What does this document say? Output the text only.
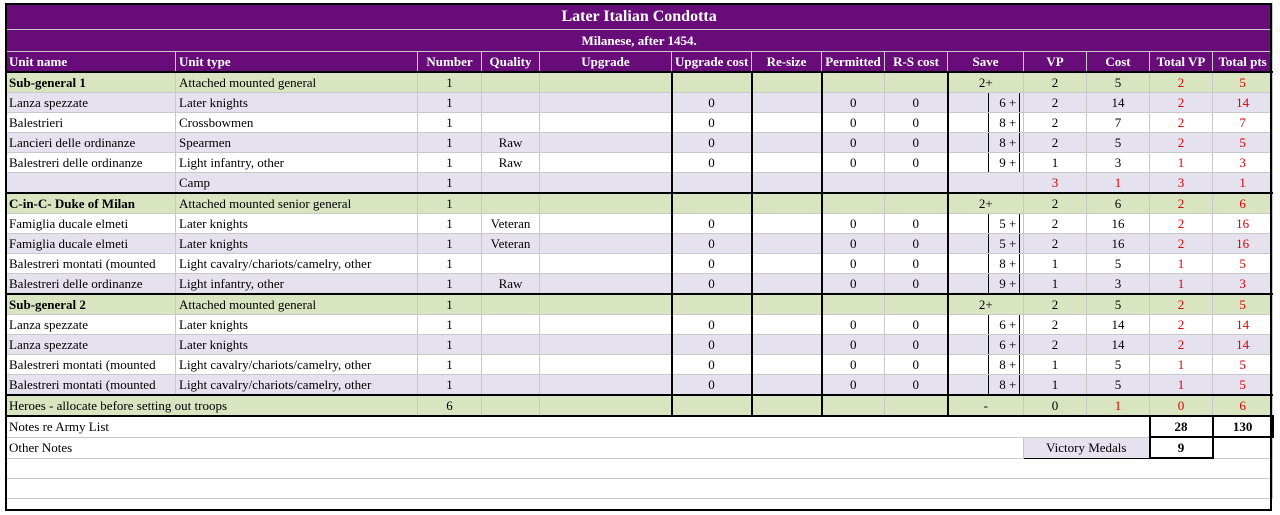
Later Italian Condotta													
Milanese, after 1454.													
Unit name	Unit type	Number	Quality	Upgrade	Upgrade cost	Re-size	Permitted	R-S cost	Save	VP	Cost	Total VP	Total pts
Sub-general 1	Attached mounted general	1							2+	2	5	2	5
Lanza spezzate	Later knights	1			0		0	0	6 +	2	14	2	14
Balestrieri	Crossbowmen	1			0		0	0	8 +	2	7	2	7
Lancieri delle ordinanze	Spearmen	1	Raw		0		0	0	8 +	2	5	2	5
Balestreri delle ordinanze	Light infantry, other	1	Raw		0		0	0	9 +	1	3	1	3
	Camp	1								3	1	3	1
C-in-C- Duke of Milan	Attached mounted senior general	1							2+	2	6	2	6
Famiglia ducale elmeti	Later knights	1	Veteran		0		0	0	5 +	2	16	2	16
Famiglia ducale elmeti	Later knights	1	Veteran		0		0	0	5 +	2	16	2	16
Balestreri montati (mounted	Light cavalry/chariots/camelry, other	1			0		0	0	8 +	1	5	1	5
Balestreri delle ordinanze	Light infantry, other	1	Raw		0		0	0	9 +	1	3	1	3
Sub-general 2	Attached mounted general	1							2+	2	5	2	5
Lanza spezzate	Later knights	1			0		0	0	6 +	2	14	2	14
Lanza spezzate	Later knights	1			0		0	0	6 +	2	14	2	14
Balestreri montati (mounted	Light cavalry/chariots/camelry, other	1			0		0	0	8 +	1	5	1	5
Balestreri montati (mounted	Light cavalry/chariots/camelry, other	1			0		0	0	8 +	1	5	1	5
Heroes - allocate before setting out troops		6							-	0	1	0	6
Notes re Army List												28	130
Other Notes										Victory Medals		9	
